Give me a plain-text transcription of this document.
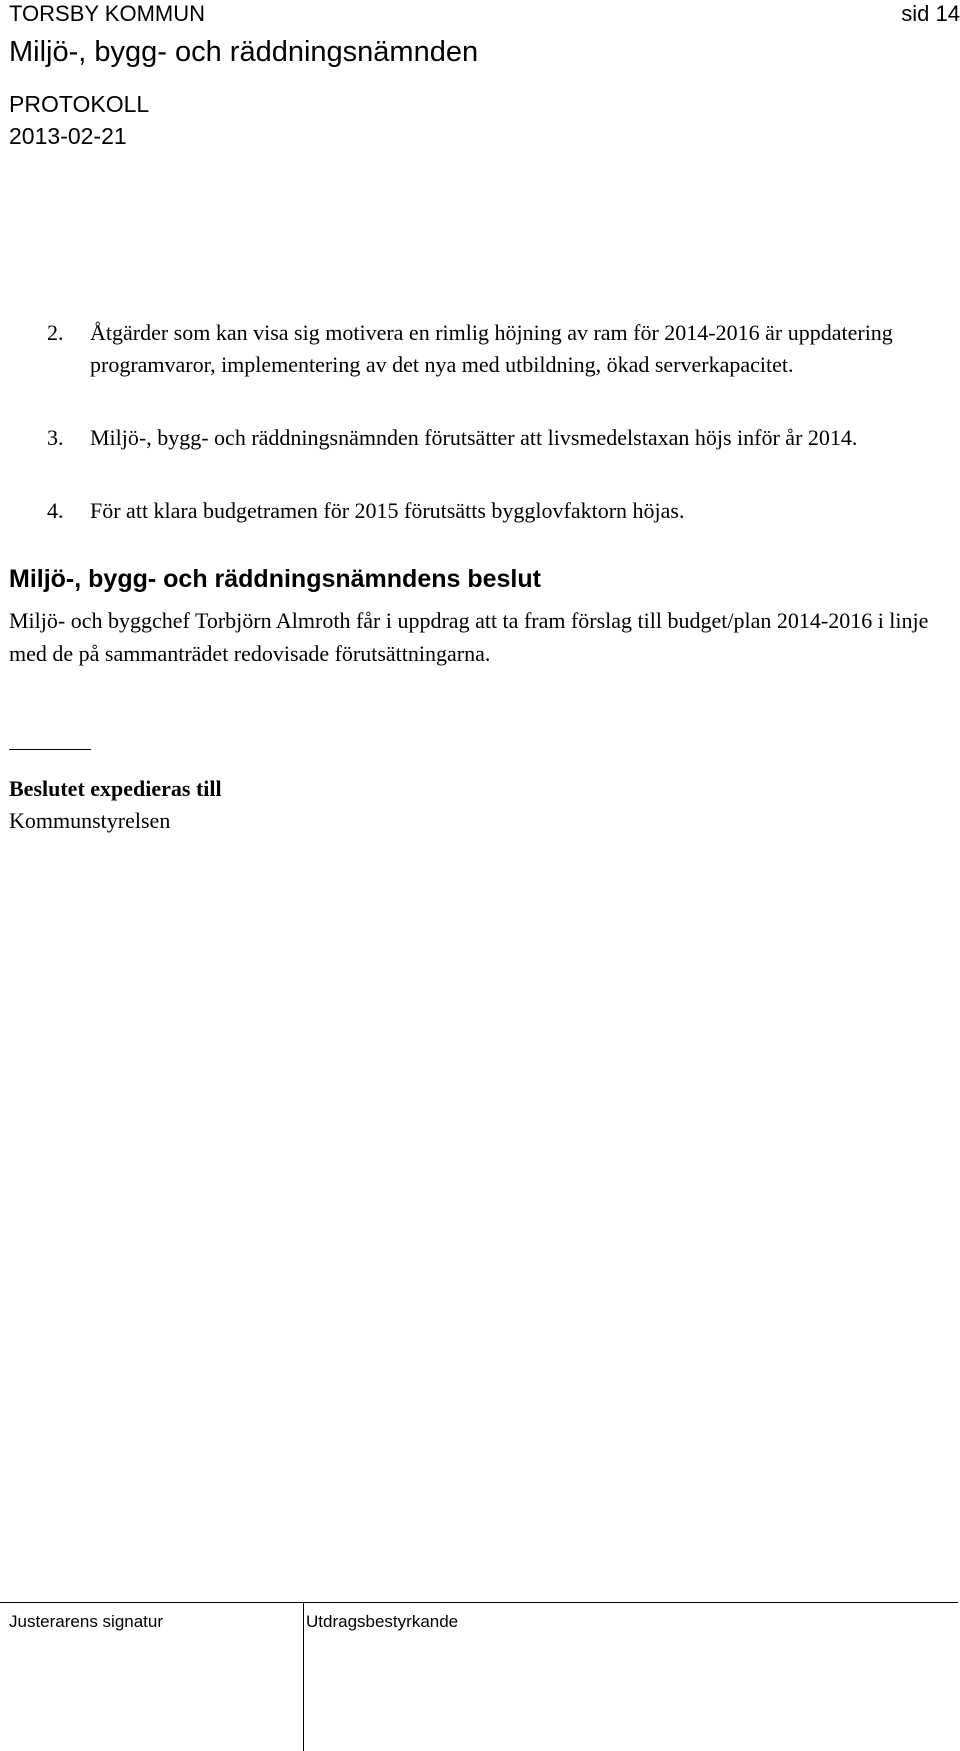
TORSBY KOMMUN	sid 14
Miljö-, bygg- och räddningsnämnden
PROTOKOLL
2013-02-21
2.	Åtgärder som kan visa sig motivera en rimlig höjning av ram för 2014-2016 är uppdatering programvaror, implementering av det nya med utbildning, ökad serverkapacitet.
3.	Miljö-, bygg- och räddningsnämnden förutsätter att livsmedelstaxan höjs inför år 2014.
4.	För att klara budgetramen för 2015 förutsätts bygglovfaktorn höjas.
Miljö-, bygg- och räddningsnämndens beslut
Miljö- och byggchef Torbjörn Almroth får i uppdrag att ta fram förslag till budget/plan 2014-2016 i linje med de på sammanträdet redovisade förutsättningarna.
Beslutet expedieras till
Kommunstyrelsen
Justerarens signatur	Utdragsbestyrkande
